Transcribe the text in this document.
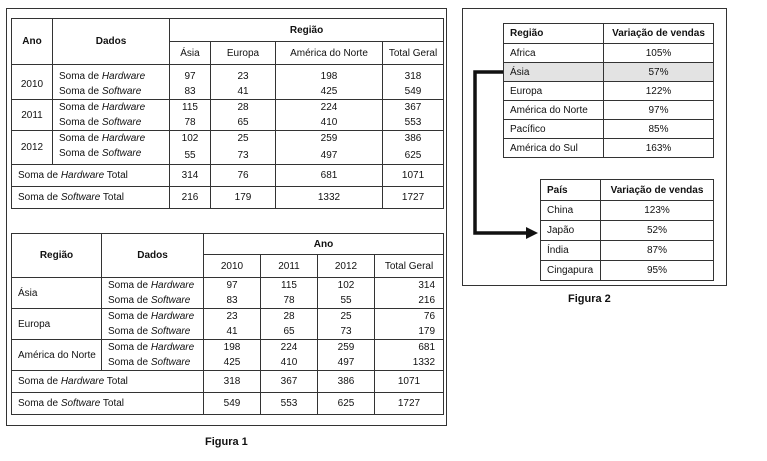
Ano	Dados	Região			
		Ásia	Europa	América do Norte	Total Geral
2010	Soma de Hardware	97	23	198	318
	Soma de Software	83	41	425	549
2011	Soma de Hardware	115	28	224	367
	Soma de Software	78	65	410	553
2012	Soma de Hardware	102	25	259	386
	Soma de Software	55	73	497	625
Soma de Hardware Total		314	76	681	1071
Soma de Software Total		216	179	1332	1727
Região	Dados	Ano			
		2010	2011	2012	Total Geral
Ásia	Soma de Hardware	97	115	102	314
	Soma de Software	83	78	55	216
Europa	Soma de Hardware	23	28	25	76
	Soma de Software	41	65	73	179
América do Norte	Soma de Hardware	198	224	259	681
	Soma de Software	425	410	497	1332
Soma de Hardware Total		318	367	386	1071
Soma de Software Total		549	553	625	1727
Figura 1
Região	Variação de vendas
Africa	105%
Ásia	57%
Europa	122%
América do Norte	97%
Pacífico	85%
América do Sul	163%
País	Variação de vendas
China	123%
Japão	52%
Índia	87%
Cingapura	95%
Figura 2
